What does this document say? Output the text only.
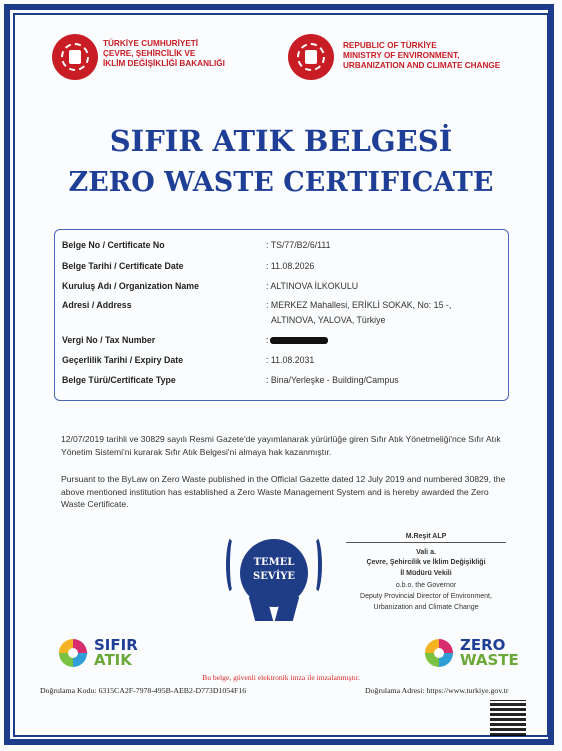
TÜRKİYE CUMHURİYETİ
ÇEVRE, ŞEHİRCİLİK VE
İKLİM DEĞİŞİKLİĞİ BAKANLIĞI
REPUBLIC OF TÜRKİYE
MINISTRY OF ENVIRONMENT,
URBANIZATION AND CLIMATE CHANGE
SIFIR ATIK BELGESİ
ZERO WASTE CERTIFICATE
Belge No / Certificate No	: TS/77/B2/6/111
Belge Tarihi / Certificate Date	: 11.08.2026
Kuruluş Adı / Organization Name	: ALTINOVA İLKOKULU
Adresi / Address	: MERKEZ Mahallesi, ERİKLİ SOKAK, No: 15 -,
ALTINOVA, YALOVA, Türkiye
Vergi No / Tax Number	:
Geçerlilik Tarihi / Expiry Date	: 11.08.2031
Belge Türü/Certificate Type	: Bina/Yerleşke - Building/Campus
12/07/2019 tarihli ve 30829 sayılı Resmi Gazete'de yayımlanarak yürürlüğe giren Sıfır Atık Yönetmeliği'nce Sıfır Atık Yönetim Sistemi'ni kurarak Sıfır Atık Belgesi'ni almaya hak kazanmıştır.
Pursuant to the ByLaw on Zero Waste published in the Official Gazette dated 12 July 2019 and numbered 30829, the above mentioned institution has established a Zero Waste Management System and is hereby awarded the Zero Waste Certificate.
TEMEL
SEVİYE
M.Reşit ALP
Vali a.
Çevre, Şehircilik ve İklim Değişikliği
İl Müdürü Vekili
o.b.o. the Governor
Deputy Provincial Director of Environment,
Urbanization and Climate Change
SIFIR
ATIK
ZERO
WASTE
Bu belge, güvenli elektronik imza ile imzalanmıştır.
Doğrulama Kodu: 6315CA2F-7978-495B-AEB2-D773D1054F16	Doğrulama Adresi: https://www.turkiye.gov.tr
